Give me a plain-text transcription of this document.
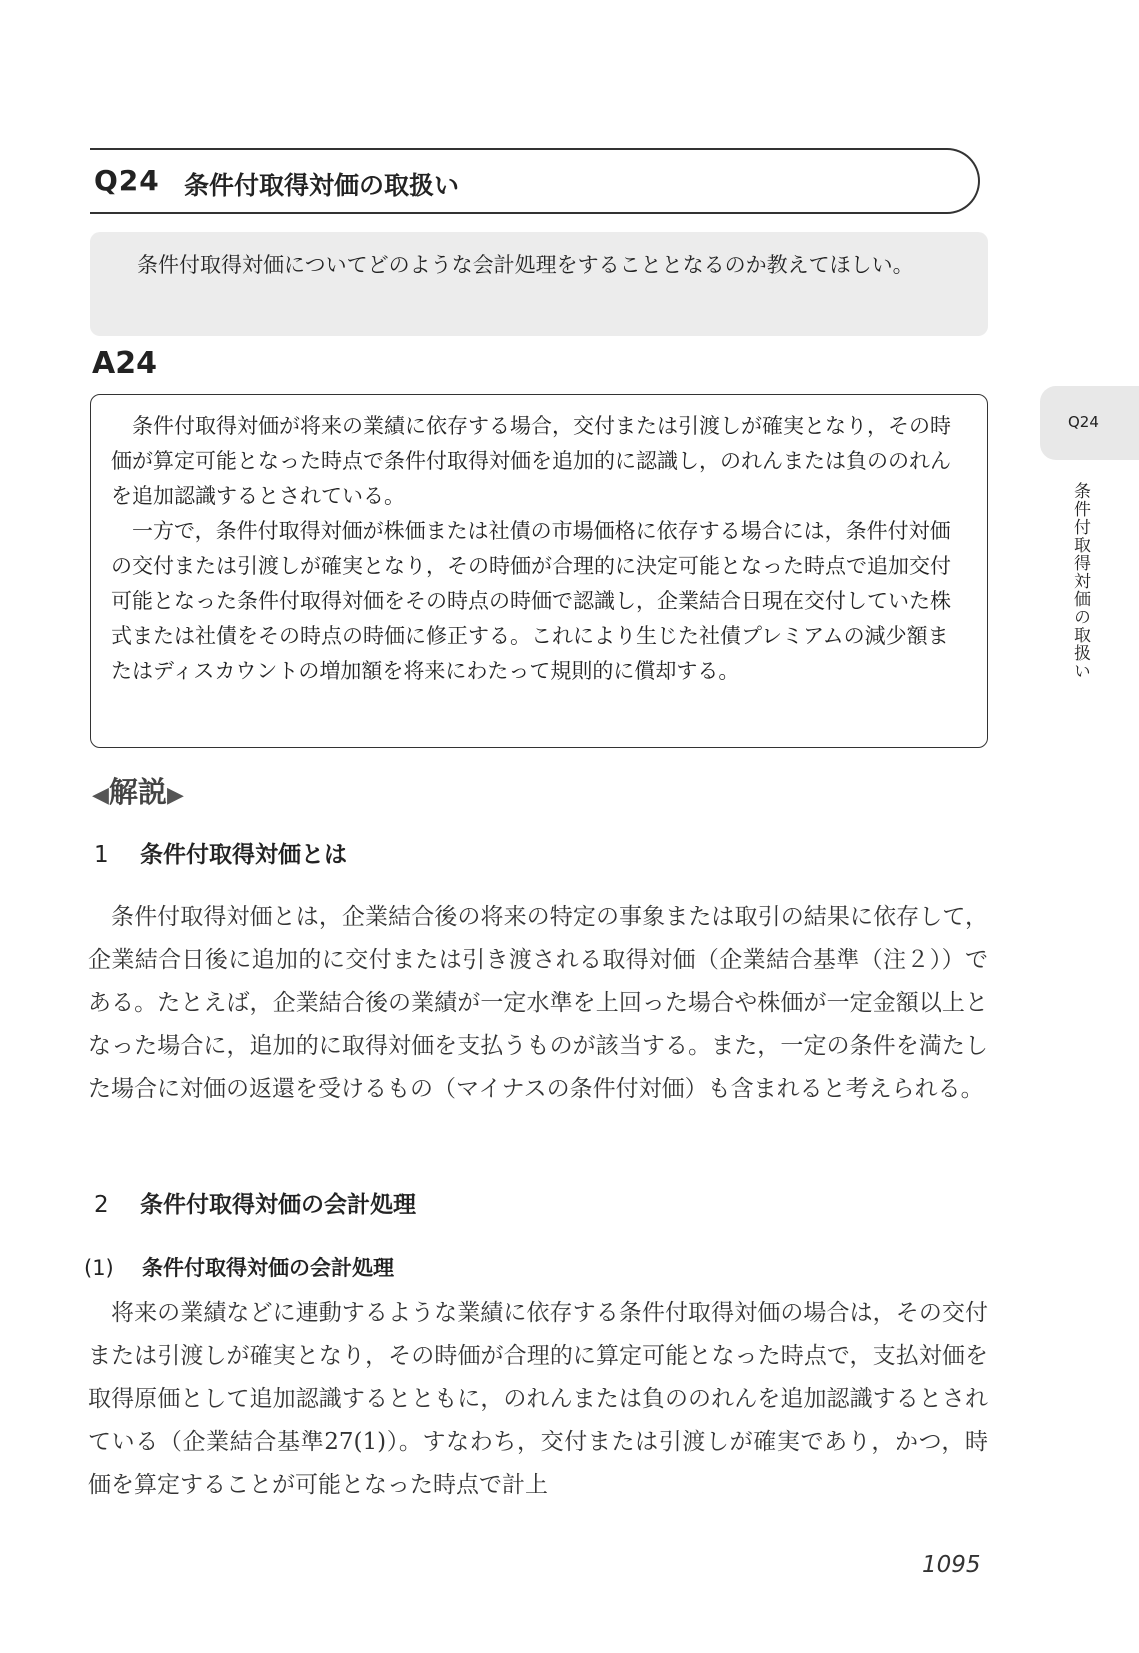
Q24 条件付取得対価の取扱い

条件付取得対価についてどのような会計処理をすることとなるのか教えてほしい。

A24

条件付取得対価が将来の業績に依存する場合，交付または引渡しが確実となり，その時価が算定可能となった時点で条件付取得対価を追加的に認識し，のれんまたは負ののれんを追加認識するとされている。

一方で，条件付取得対価が株価または社債の市場価格に依存する場合には，条件付対価の交付または引渡しが確実となり，その時価が合理的に決定可能となった時点で追加交付可能となった条件付取得対価をその時点の時価で認識し，企業結合日現在交付していた株式または社債をその時点の時価に修正する。これにより生じた社債プレミアムの減少額またはディスカウントの増加額を将来にわたって規則的に償却する。

Q24
条件付取得対価の取扱い
◀解説▶
1 条件付取得対価とは

条件付取得対価とは，企業結合後の将来の特定の事象または取引の結果に依存して，企業結合日後に追加的に交付または引き渡される取得対価（企業結合基準（注２））である。たとえば，企業結合後の業績が一定水準を上回った場合や株価が一定金額以上となった場合に，追加的に取得対価を支払うものが該当する。また，一定の条件を満たした場合に対価の返還を受けるもの（マイナスの条件付対価）も含まれると考えられる。

2 条件付取得対価の会計処理
(1) 条件付取得対価の会計処理

将来の業績などに連動するような業績に依存する条件付取得対価の場合は，その交付または引渡しが確実となり，その時価が合理的に算定可能となった時点で，支払対価を取得原価として追加認識するとともに，のれんまたは負ののれんを追加認識するとされている（企業結合基準27(1)）。すなわち，交付または引渡しが確実であり，かつ，時価を算定することが可能となった時点で計上

1095
